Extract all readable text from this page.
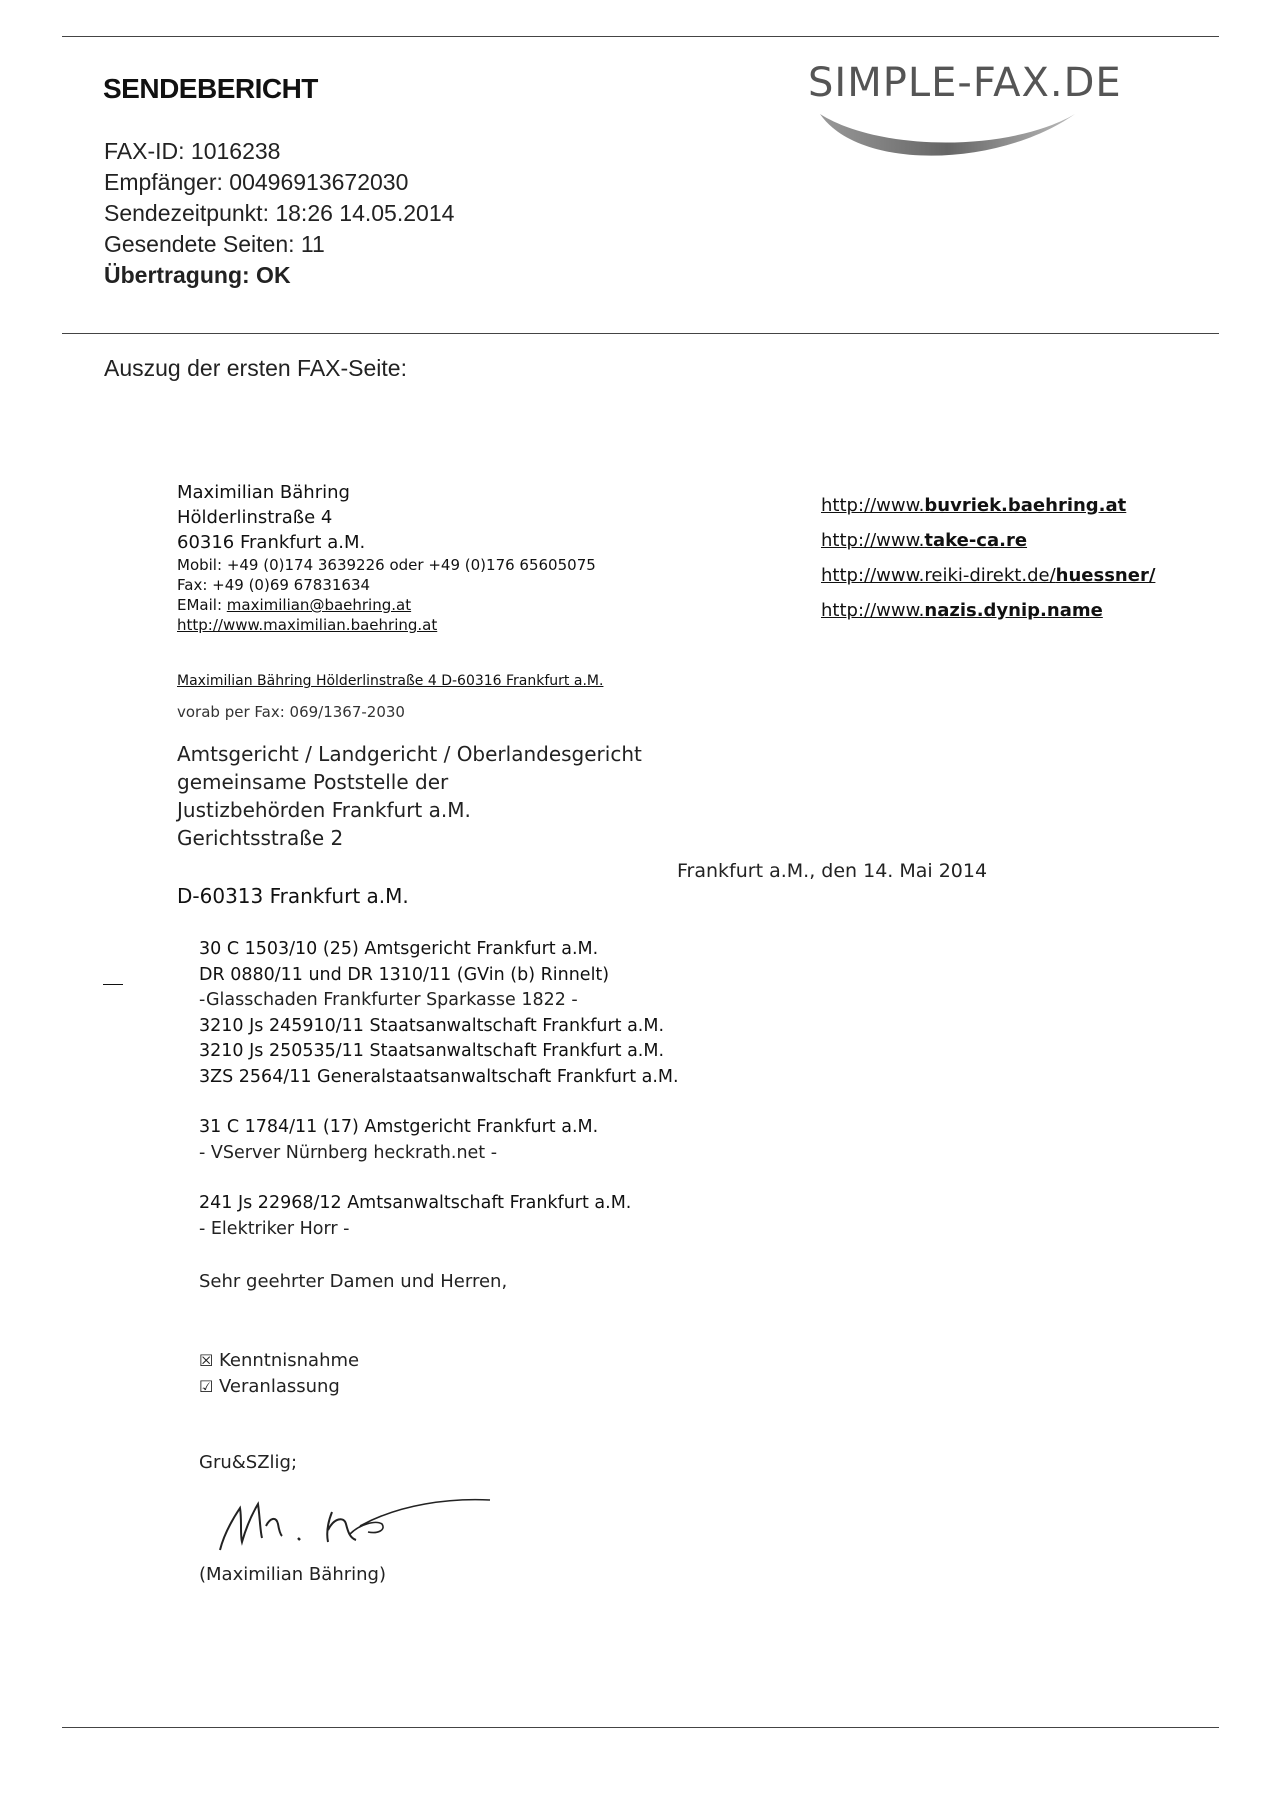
SENDEBERICHT	SIMPLE-FAX.DE
FAX-ID: 1016238
Empfänger: 00496913672030
Sendezeitpunkt: 18:26 14.05.2014
Gesendete Seiten: 11
Übertragung: OK
Auszug der ersten FAX-Seite:
Maximilian Bähring
Hölderlinstraße 4
60316 Frankfurt a.M.
Mobil: +49 (0)174 3639226 oder +49 (0)176 65605075
Fax: +49 (0)69 67831634
EMail: maximilian@baehring.at
http://www.maximilian.baehring.at
http://www.buvriek.baehring.at
http://www.take-ca.re
http://www.reiki-direkt.de/huessner/
http://www.nazis.dynip.name
Maximilian Bähring Hölderlinstraße 4 D-60316 Frankfurt a.M.
vorab per Fax: 069/1367-2030
Amtsgericht / Landgericht / Oberlandesgericht
gemeinsame Poststelle der
Justizbehörden Frankfurt a.M.
Gerichtsstraße 2
Frankfurt a.M., den 14. Mai 2014
D-60313 Frankfurt a.M.
30 C 1503/10 (25) Amtsgericht Frankfurt a.M.
DR 0880/11 und DR 1310/11 (GVin (b) Rinnelt)
-Glasschaden Frankfurter Sparkasse 1822 -
3210 Js 245910/11 Staatsanwaltschaft Frankfurt a.M.
3210 Js 250535/11 Staatsanwaltschaft Frankfurt a.M.
3ZS 2564/11 Generalstaatsanwaltschaft Frankfurt a.M.
31 C 1784/11 (17) Amstgericht Frankfurt a.M.
- VServer Nürnberg heckrath.net -
241 Js 22968/12 Amtsanwaltschaft Frankfurt a.M.
- Elektriker Horr -
Sehr geehrter Damen und Herren,
☒ Kenntnisnahme
☑ Veranlassung
Gru&SZlig;
(Maximilian Bähring)
